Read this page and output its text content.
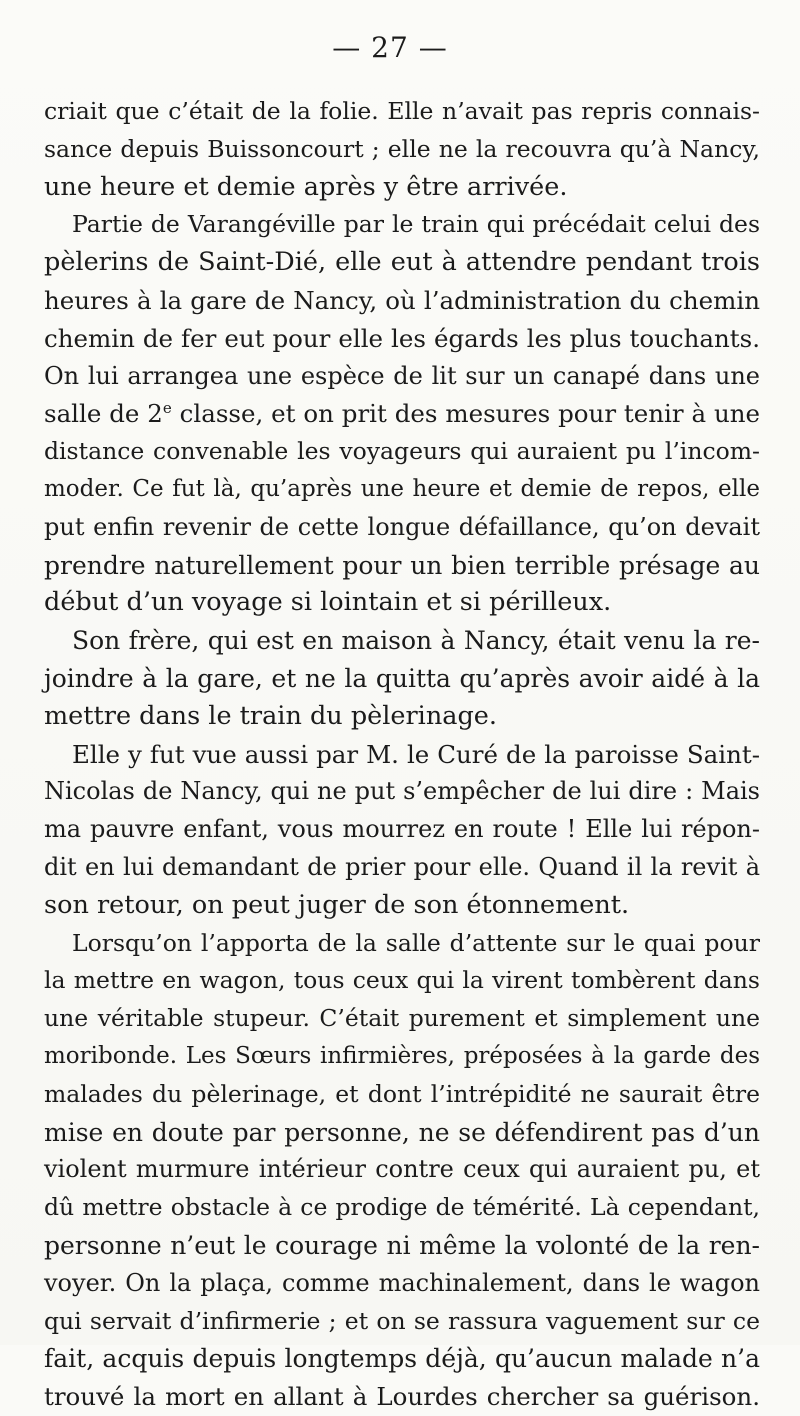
— 27 —
criait que c’était de la folie. Elle n’avait pas repris connais-
sance depuis Buissoncourt ; elle ne la recouvra qu’à Nancy,
une heure et demie après y être arrivée.
Partie de Varangéville par le train qui précédait celui des
pèlerins de Saint-Dié, elle eut à attendre pendant trois
heures à la gare de Nancy, où l’administration du chemin
chemin de fer eut pour elle les égards les plus touchants.
On lui arrangea une espèce de lit sur un canapé dans une
salle de 2e classe, et on prit des mesures pour tenir à une
distance convenable les voyageurs qui auraient pu l’incom-
moder. Ce fut là, qu’après une heure et demie de repos, elle
put enfin revenir de cette longue défaillance, qu’on devait
prendre naturellement pour un bien terrible présage au
début d’un voyage si lointain et si périlleux.
Son frère, qui est en maison à Nancy, était venu la re-
joindre à la gare, et ne la quitta qu’après avoir aidé à la
mettre dans le train du pèlerinage.
Elle y fut vue aussi par M. le Curé de la paroisse Saint-
Nicolas de Nancy, qui ne put s’empêcher de lui dire : Mais
ma pauvre enfant, vous mourrez en route ! Elle lui répon-
dit en lui demandant de prier pour elle. Quand il la revit à
son retour, on peut juger de son étonnement.
Lorsqu’on l’apporta de la salle d’attente sur le quai pour
la mettre en wagon, tous ceux qui la virent tombèrent dans
une véritable stupeur. C’était purement et simplement une
moribonde. Les Sœurs infirmières, préposées à la garde des
malades du pèlerinage, et dont l’intrépidité ne saurait être
mise en doute par personne, ne se défendirent pas d’un
violent murmure intérieur contre ceux qui auraient pu, et
dû mettre obstacle à ce prodige de témérité. Là cependant,
personne n’eut le courage ni même la volonté de la ren-
voyer. On la plaça, comme machinalement, dans le wagon
qui servait d’infirmerie ; et on se rassura vaguement sur ce
fait, acquis depuis longtemps déjà, qu’aucun malade n’a
trouvé la mort en allant à Lourdes chercher sa guérison.
